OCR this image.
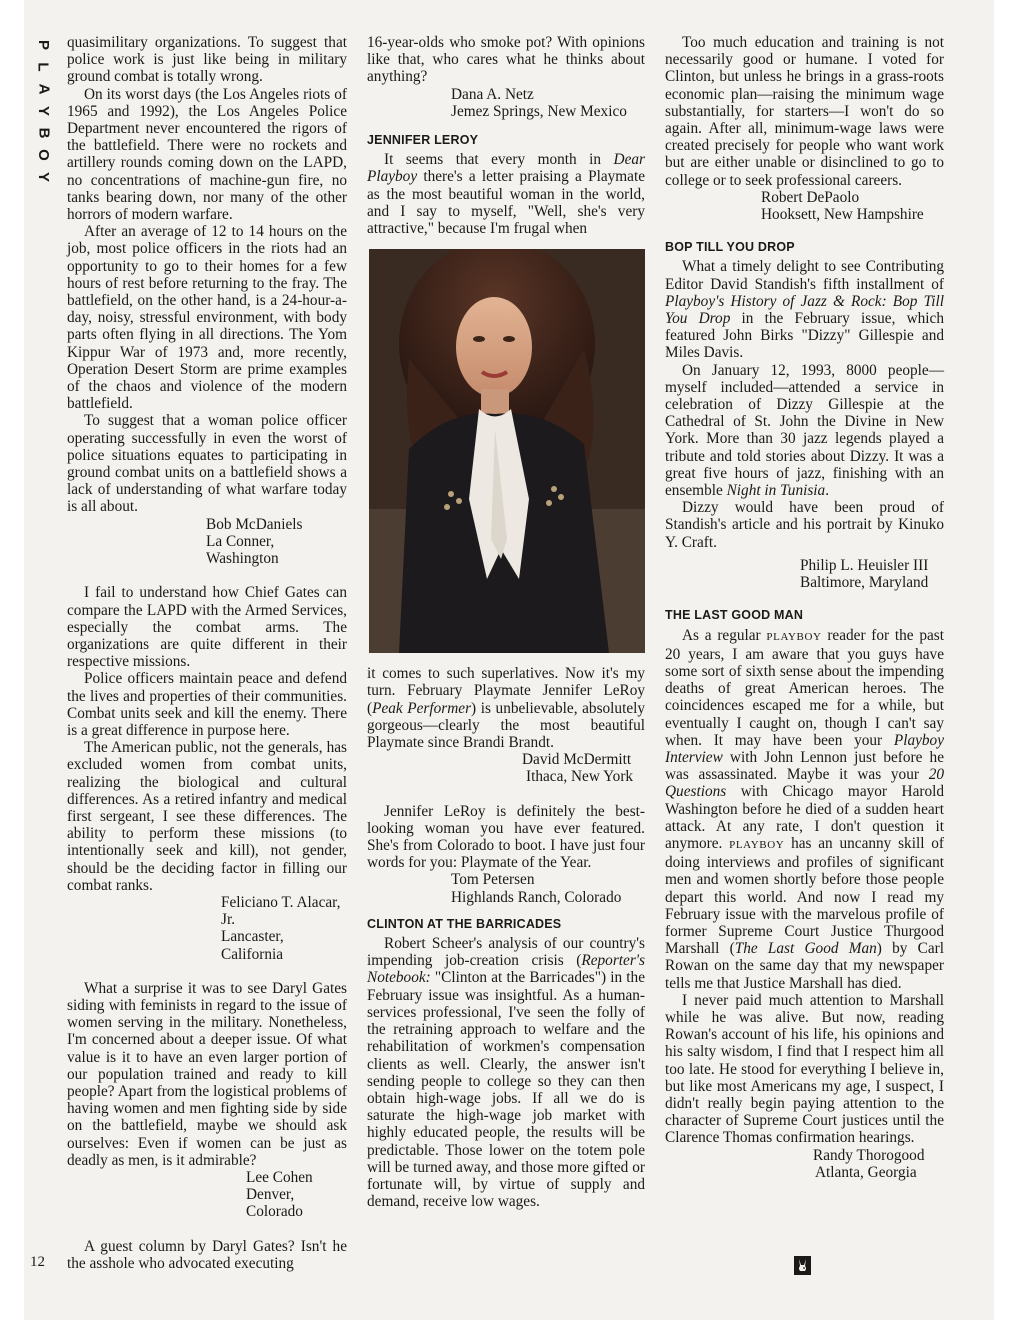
P
L
A
Y
B
O
Y

quasimilitary organizations. To suggest that police work is just like being in military ground combat is totally wrong.

On its worst days (the Los Angeles riots of 1965 and 1992), the Los Angeles Police Department never encountered the rigors of the battlefield. There were no rockets and artillery rounds coming down on the LAPD, no concentrations of machine-gun fire, no tanks bearing down, nor many of the other horrors of modern warfare.

After an average of 12 to 14 hours on the job, most police officers in the riots had an opportunity to go to their homes for a few hours of rest before returning to the fray. The battlefield, on the other hand, is a 24-hour-a-day, noisy, stressful environment, with body parts often flying in all directions. The Yom Kippur War of 1973 and, more recently, Operation Desert Storm are prime examples of the chaos and violence of the modern battlefield.

To suggest that a woman police officer operating successfully in even the worst of police situations equates to participating in ground combat units on a battlefield shows a lack of understanding of what warfare today is all about.

Bob McDaniels
La Conner, Washington

I fail to understand how Chief Gates can compare the LAPD with the Armed Services, especially the combat arms. The organizations are quite different in their respective missions.

Police officers maintain peace and defend the lives and properties of their communities. Combat units seek and kill the enemy. There is a great difference in purpose here.

The American public, not the generals, has excluded women from combat units, realizing the biological and cultural differences. As a retired infantry and medical first sergeant, I see these differences. The ability to perform these missions (to intentionally seek and kill), not gender, should be the deciding factor in filling our combat ranks.

Feliciano T. Alacar, Jr.
Lancaster, California

What a surprise it was to see Daryl Gates siding with feminists in regard to the issue of women serving in the military. Nonetheless, I'm concerned about a deeper issue. Of what value is it to have an even larger portion of our population trained and ready to kill people? Apart from the logistical problems of having women and men fighting side by side on the battlefield, maybe we should ask ourselves: Even if women can be just as deadly as men, is it admirable?

Lee Cohen
Denver, Colorado

A guest column by Daryl Gates? Isn't he the asshole who advocated executing

16-year-olds who smoke pot? With opinions like that, who cares what he thinks about anything?

Dana A. Netz
Jemez Springs, New Mexico
JENNIFER LEROY

It seems that every month in Dear Playboy there's a letter praising a Playmate as the most beautiful woman in the world, and I say to myself, "Well, she's very attractive," because I'm frugal when

it comes to such superlatives. Now it's my turn. February Playmate Jennifer LeRoy (Peak Performer) is unbelievable, absolutely gorgeous—clearly the most beautiful Playmate since Brandi Brandt.

David McDermitt
Ithaca, New York

Jennifer LeRoy is definitely the best-looking woman you have ever featured. She's from Colorado to boot. I have just four words for you: Playmate of the Year.

Tom Petersen
Highlands Ranch, Colorado
CLINTON AT THE BARRICADES

Robert Scheer's analysis of our country's impending job-creation crisis (Reporter's Notebook: "Clinton at the Barricades") in the February issue was insightful. As a human-services professional, I've seen the folly of the retraining approach to welfare and the rehabilitation of workmen's compensation clients as well. Clearly, the answer isn't sending people to college so they can then obtain high-wage jobs. If all we do is saturate the high-wage job market with highly educated people, the results will be predictable. Those lower on the totem pole will be turned away, and those more gifted or fortunate will, by virtue of supply and demand, receive low wages.

Too much education and training is not necessarily good or humane. I voted for Clinton, but unless he brings in a grass-roots economic plan—raising the minimum wage substantially, for starters—I won't do so again. After all, minimum-wage laws were created precisely for people who want work but are either unable or disinclined to go to college or to seek professional careers.

Robert DePaolo
Hooksett, New Hampshire
BOP TILL YOU DROP

What a timely delight to see Contributing Editor David Standish's fifth installment of Playboy's History of Jazz & Rock: Bop Till You Drop in the February issue, which featured John Birks "Dizzy" Gillespie and Miles Davis.

On January 12, 1993, 8000 people—myself included—attended a service in celebration of Dizzy Gillespie at the Cathedral of St. John the Divine in New York. More than 30 jazz legends played a tribute and told stories about Dizzy. It was a great five hours of jazz, finishing with an ensemble Night in Tunisia.

Dizzy would have been proud of Standish's article and his portrait by Kinuko Y. Craft.

Philip L. Heuisler III
Baltimore, Maryland
THE LAST GOOD MAN

As a regular PLAYBOY reader for the past 20 years, I am aware that you guys have some sort of sixth sense about the impending deaths of great American heroes. The coincidences escaped me for a while, but eventually I caught on, though I can't say when. It may have been your Playboy Interview with John Lennon just before he was assassinated. Maybe it was your 20 Questions with Chicago mayor Harold Washington before he died of a sudden heart attack. At any rate, I don't question it anymore. PLAYBOY has an uncanny skill of doing interviews and profiles of significant men and women shortly before those people depart this world. And now I read my February issue with the marvelous profile of former Supreme Court Justice Thurgood Marshall (The Last Good Man) by Carl Rowan on the same day that my newspaper tells me that Justice Marshall has died.

I never paid much attention to Marshall while he was alive. But now, reading Rowan's account of his life, his opinions and his salty wisdom, I find that I respect him all too late. He stood for everything I believe in, but like most Americans my age, I suspect, I didn't really begin paying attention to the character of Supreme Court justices until the Clarence Thomas confirmation hearings.

Randy Thorogood
Atlanta, Georgia
12
